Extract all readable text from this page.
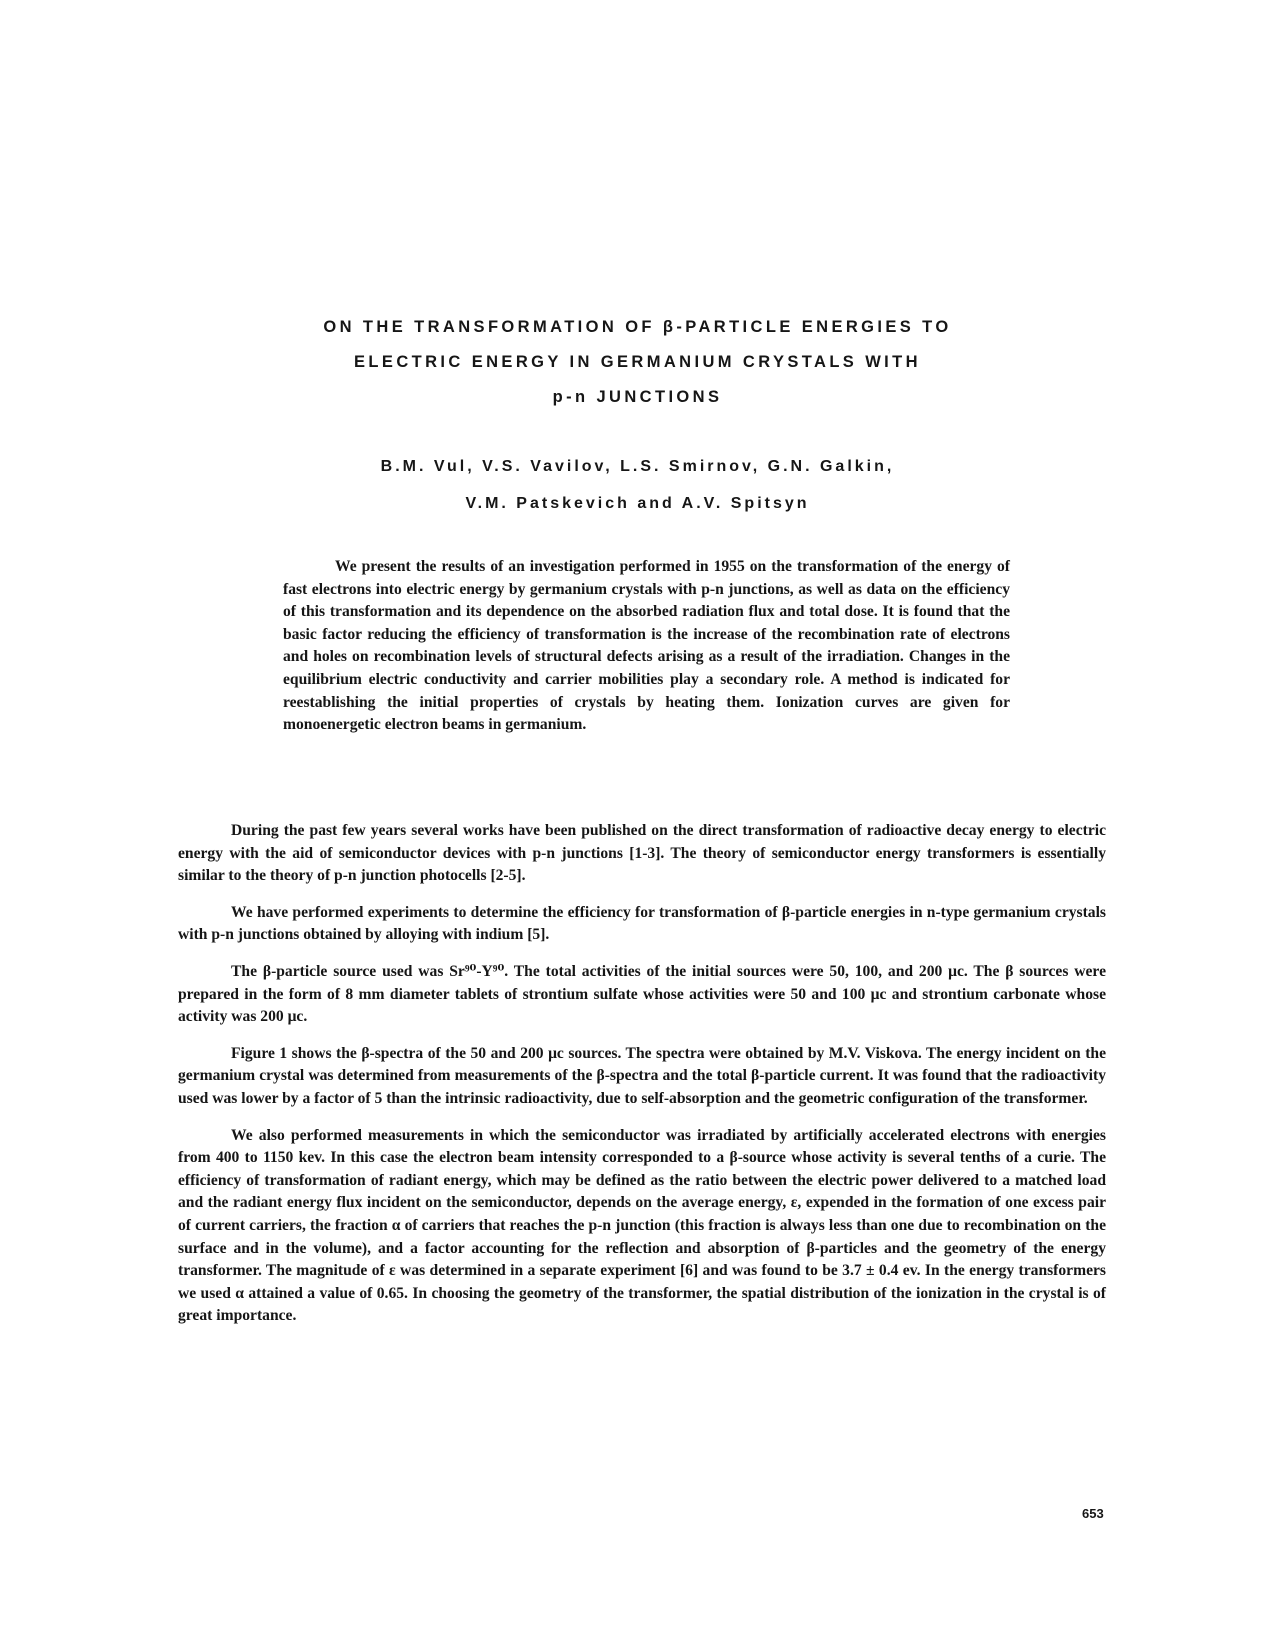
ON THE TRANSFORMATION OF β-PARTICLE ENERGIES TO
ELECTRIC ENERGY IN GERMANIUM CRYSTALS WITH
p-n JUNCTIONS
B.M. Vul, V.S. Vavilov, L.S. Smirnov, G.N. Galkin,
V.M. Patskevich and A.V. Spitsyn

We present the results of an investigation performed in 1955 on the transformation of the energy of fast electrons into electric energy by germanium crystals with p-n junctions, as well as data on the efficiency of this transformation and its dependence on the absorbed radiation flux and total dose. It is found that the basic factor reducing the efficiency of transformation is the increase of the recombination rate of electrons and holes on recombination levels of structural defects arising as a result of the irradiation. Changes in the equilibrium electric conductivity and carrier mobilities play a secondary role. A method is indicated for reestablishing the initial properties of crystals by heating them. Ionization curves are given for monoenergetic electron beams in germanium.

During the past few years several works have been published on the direct transformation of radioactive decay energy to electric energy with the aid of semiconductor devices with p-n junctions [1-3]. The theory of semiconductor energy transformers is essentially similar to the theory of p-n junction photocells [2-5].

We have performed experiments to determine the efficiency for transformation of β-particle energies in n-type germanium crystals with p-n junctions obtained by alloying with indium [5].

The β-particle source used was Sr⁹⁰-Y⁹⁰. The total activities of the initial sources were 50, 100, and 200 μc. The β sources were prepared in the form of 8 mm diameter tablets of strontium sulfate whose activities were 50 and 100 μc and strontium carbonate whose activity was 200 μc.

Figure 1 shows the β-spectra of the 50 and 200 μc sources. The spectra were obtained by M.V. Viskova. The energy incident on the germanium crystal was determined from measurements of the β-spectra and the total β-particle current. It was found that the radioactivity used was lower by a factor of 5 than the intrinsic radioactivity, due to self-absorption and the geometric configuration of the transformer.

We also performed measurements in which the semiconductor was irradiated by artificially accelerated electrons with energies from 400 to 1150 kev. In this case the electron beam intensity corresponded to a β-source whose activity is several tenths of a curie. The efficiency of transformation of radiant energy, which may be defined as the ratio between the electric power delivered to a matched load and the radiant energy flux incident on the semiconductor, depends on the average energy, ε, expended in the formation of one excess pair of current carriers, the fraction α of carriers that reaches the p-n junction (this fraction is always less than one due to recombination on the surface and in the volume), and a factor accounting for the reflection and absorption of β-particles and the geometry of the energy transformer. The magnitude of ε was determined in a separate experiment [6] and was found to be 3.7 ± 0.4 ev. In the energy transformers we used α attained a value of 0.65. In choosing the geometry of the transformer, the spatial distribution of the ionization in the crystal is of great importance.

653
